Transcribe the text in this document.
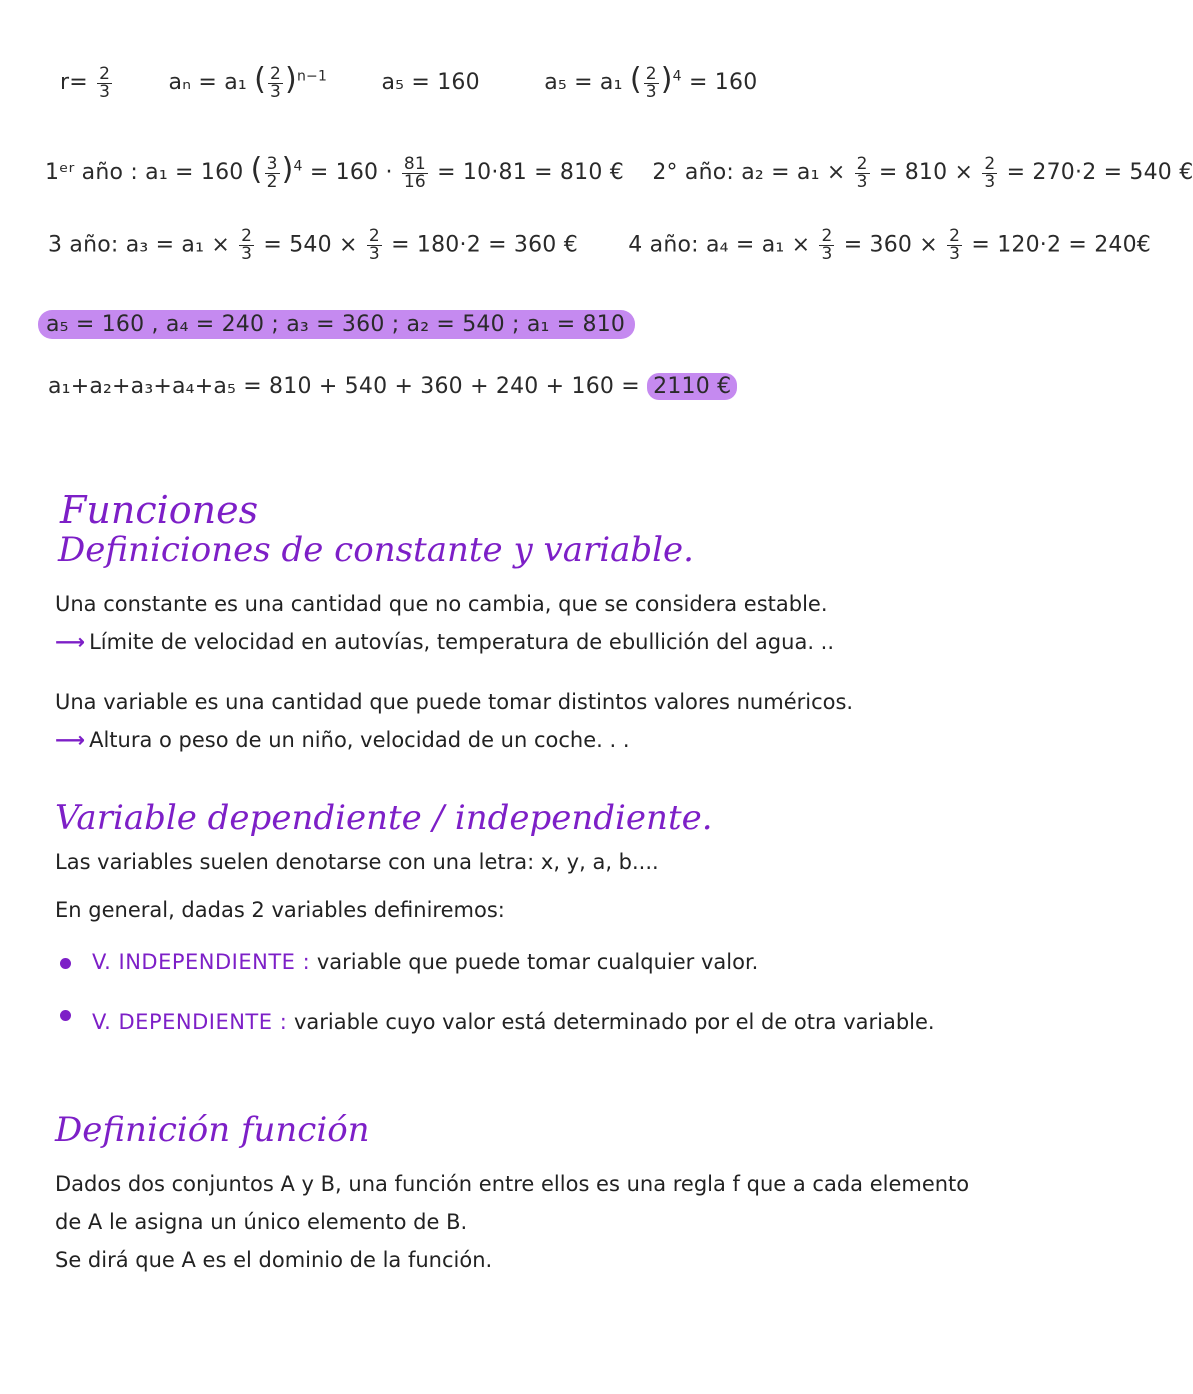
$r= \frac{2}{3}$	aₙ = a₁ ( $\frac{2}{3} )^{n-1}$ a₅ = 160	a₅ = a₁ ( $\frac{2}{3} )^4 = 160$
1ᵉʳ año : a₁ = 160 ( $\frac{3}{2} )^4 = 160 \cdot \frac{81}{16} = 10\cdot 81 = 810$ € 2° año: $a_2 = a_1 \times \frac{2}{3} = 810 \times \frac{2}{3} = 270\cdot 2 = 540$ €
3 año: $a_3 = a_1 \times \frac{2}{3} = 540 \times \frac{2}{3} = 180\cdot 2 = 360$ € 4 año: $a_4 = a_1 \times \frac{2}{3} = 360 \times \frac{2}{3} = 120\cdot 2$ = 240€
a₅ = 160 , a₄ = 240 ; a₃ = 360 ; a₂ = 540 ; a₁ = 810
a₁+a₂+a₃+a₄+a₅ = 810 + 540 + 360 + 240 + 160 = 2110 €
Funciones
Definiciones de constante y variable.
Una constante es una cantidad que no cambia, que se considera estable.
⟶ Límite de velocidad en autovías, temperatura de ebullición del agua. ..
Una variable es una cantidad que puede tomar distintos valores numéricos.
⟶ Altura o peso de un niño, velocidad de un coche. . .
Variable dependiente / independiente.
Las variables suelen denotarse con una letra: x, y, a, b....
En general, dadas 2 variables definiremos:
V. INDEPENDIENTE : variable que puede tomar cualquier valor.
V. DEPENDIENTE : variable cuyo valor está determinado por el de otra variable.
Definición función
Dados dos conjuntos A y B, una función entre ellos es una regla f que a cada elemento
de A le asigna un único elemento de B.
Se dirá que A es el dominio de la función.
